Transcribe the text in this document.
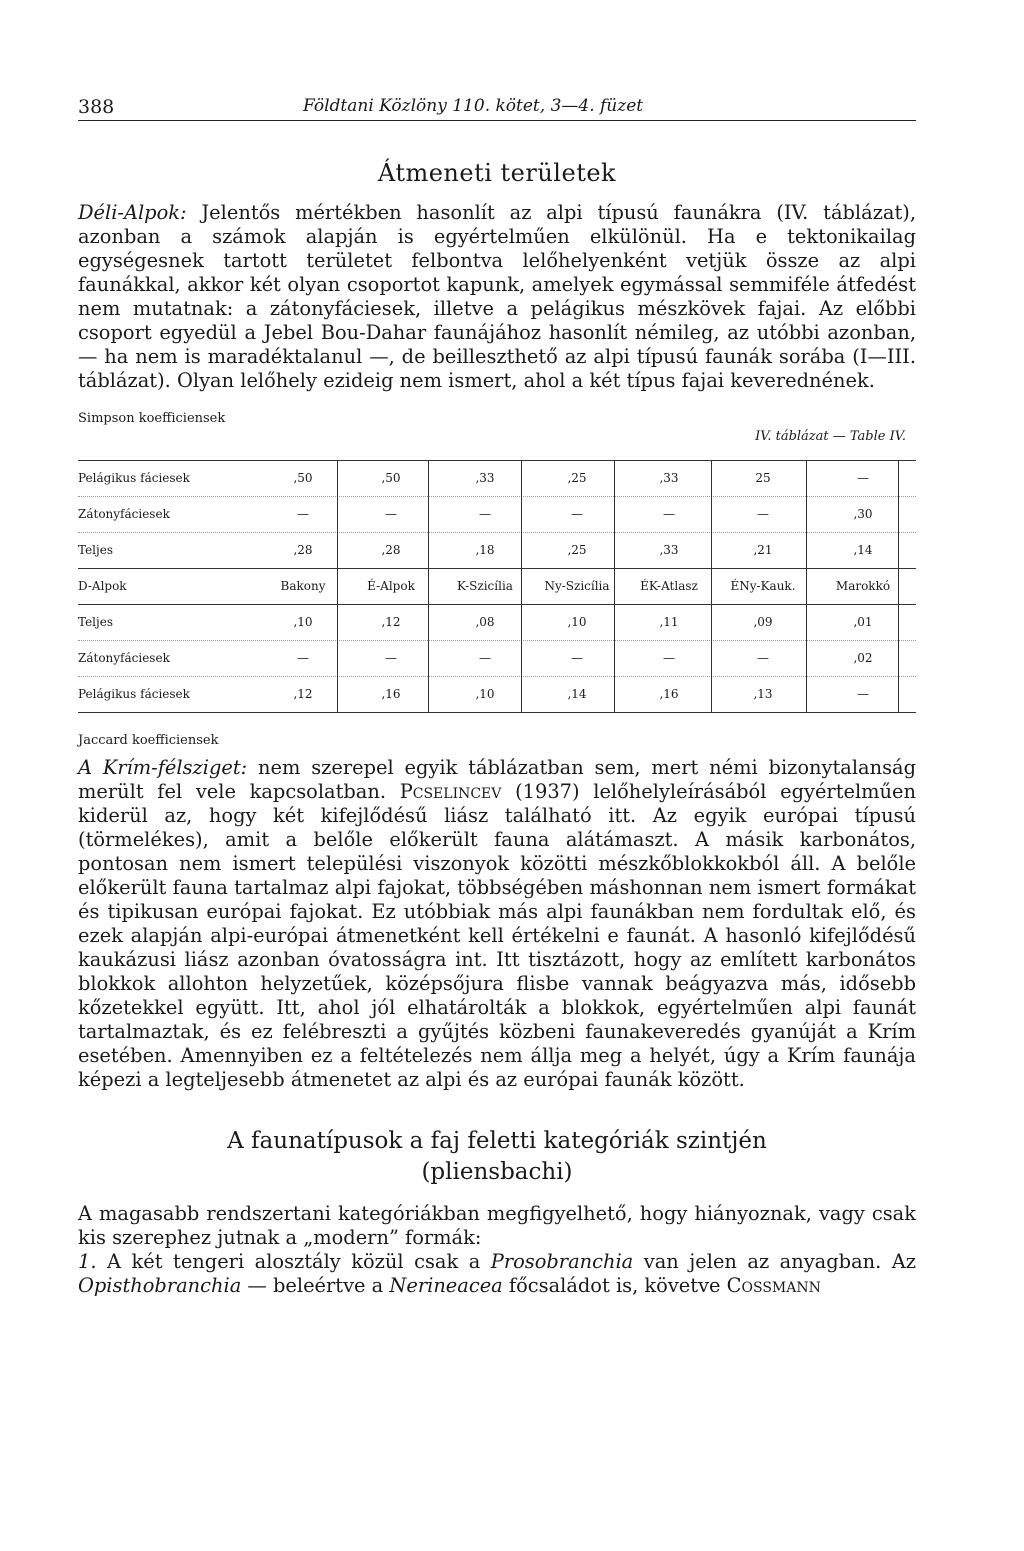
388	Földtani Közlöny 110. kötet, 3—4. füzet
Átmeneti területek

Déli-Alpok: Jelentős mértékben hasonlít az alpi típusú faunákra (IV. táblázat), azonban a számok alapján is egyértelműen elkülönül. Ha e tektonikailag egységesnek tartott területet felbontva lelőhelyenként vetjük össze az alpi faunákkal, akkor két olyan csoportot kapunk, amelyek egymással semmiféle átfedést nem mutatnak: a zátonyfáciesek, illetve a pelágikus mészkövek fajai. Az előbbi csoport egyedül a Jebel Bou-Dahar faunájához hasonlít némileg, az utóbbi azonban, — ha nem is maradéktalanul —, de beilleszthető az alpi típusú faunák sorába (I—III. táblázat). Olyan lelőhely ezideig nem ismert, ahol a két típus fajai keverednének.

Simpson koefficiensek
IV. táblázat — Table IV.
Pelágikus fáciesek	,50	,50	,33	,25	,33	25	—
Zátonyfáciesek	—	—	—	—	—	—	,30
Teljes	,28	,28	,18	,25	,33	,21	,14
D-Alpok	Bakony	É-Alpok	K-Szicília	Ny-Szicília	ÉK-Atlasz	ÉNy-Kauk.	Marokkó
Teljes	,10	,12	,08	,10	,11	,09	,01
Zátonyfáciesek	—	—	—	—	—	—	,02
Pelágikus fáciesek	,12	,16	,10	,14	,16	,13	—
Jaccard koefficiensek

A Krím-félsziget: nem szerepel egyik táblázatban sem, mert némi bizonytalanság merült fel vele kapcsolatban. Pcselincev (1937) lelőhelyleírásából egyértelműen kiderül az, hogy két kifejlődésű liász található itt. Az egyik európai típusú (törmelékes), amit a belőle előkerült fauna alátámaszt. A másik karbonátos, pontosan nem ismert települési viszonyok közötti mészkőblokkokból áll. A belőle előkerült fauna tartalmaz alpi fajokat, többségében máshonnan nem ismert formákat és tipikusan európai fajokat. Ez utóbbiak más alpi faunákban nem fordultak elő, és ezek alapján alpi-európai átmenetként kell értékelni e faunát. A hasonló kifejlődésű kaukázusi liász azonban óvatosságra int. Itt tisztázott, hogy az említett karbonátos blokkok allohton helyzetűek, középsőjura flisbe vannak beágyazva más, idősebb kőzetekkel együtt. Itt, ahol jól elhatárolták a blokkok, egyértelműen alpi faunát tartalmaztak, és ez felébreszti a gyűjtés közbeni faunakeveredés gyanúját a Krím esetében. Amennyiben ez a feltételezés nem állja meg a helyét, úgy a Krím faunája képezi a legteljesebb átmenetet az alpi és az európai faunák között.

A faunatípusok a faj feletti kategóriák szintjén
(pliensbachi)

A magasabb rendszertani kategóriákban megfigyelhető, hogy hiányoznak, vagy csak kis szerephez jutnak a „modern” formák:

1. A két tengeri alosztály közül csak a Prosobranchia van jelen az anyagban. Az Opisthobranchia — beleértve a Nerineacea főcsaládot is, követve Cossmann
